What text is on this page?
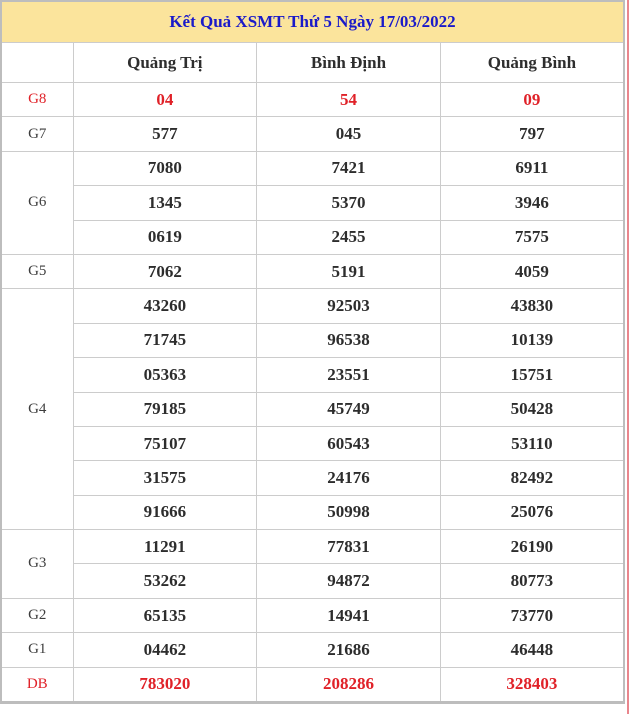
Kết Quả XSMT Thứ 5 Ngày 17/03/2022			
	Quảng Trị	Bình Định	Quảng Bình
G8	04	54	09
G7	577	045	797
G6	7080	7421	6911
	1345	5370	3946
	0619	2455	7575
G5	7062	5191	4059
G4	43260	92503	43830
	71745	96538	10139
	05363	23551	15751
	79185	45749	50428
	75107	60543	53110
	31575	24176	82492
	91666	50998	25076
G3	11291	77831	26190
	53262	94872	80773
G2	65135	14941	73770
G1	04462	21686	46448
DB	783020	208286	328403
